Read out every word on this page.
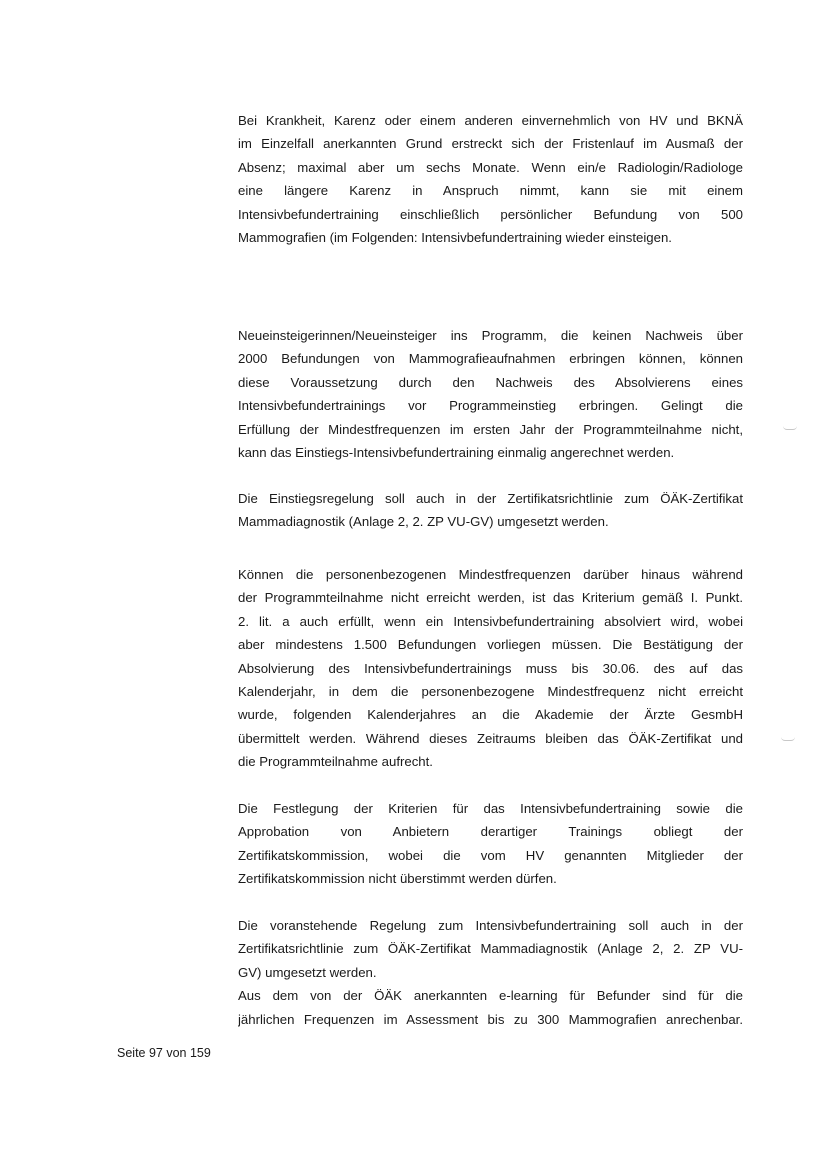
Bei Krankheit, Karenz oder einem anderen einvernehmlich von HV und BKNÄ
im Einzelfall anerkannten Grund erstreckt sich der Fristenlauf im Ausmaß der
Absenz; maximal aber um sechs Monate. Wenn ein/e Radiologin/Radiologe
eine längere Karenz in Anspruch nimmt, kann sie mit einem
Intensivbefundertraining einschließlich persönlicher Befundung von 500
Mammografien (im Folgenden: Intensivbefundertraining wieder einsteigen.
Neueinsteigerinnen/Neueinsteiger ins Programm, die keinen Nachweis über
2000 Befundungen von Mammografieaufnahmen erbringen können, können
diese Voraussetzung durch den Nachweis des Absolvierens eines
Intensivbefundertrainings vor Programmeinstieg erbringen. Gelingt die
Erfüllung der Mindestfrequenzen im ersten Jahr der Programmteilnahme nicht,
kann das Einstiegs-Intensivbefundertraining einmalig angerechnet werden.
Die Einstiegsregelung soll auch in der Zertifikatsrichtlinie zum ÖÄK-Zertifikat
Mammadiagnostik (Anlage 2, 2. ZP VU-GV) umgesetzt werden.
Können die personenbezogenen Mindestfrequenzen darüber hinaus während
der Programmteilnahme nicht erreicht werden, ist das Kriterium gemäß I. Punkt.
2. lit. a auch erfüllt, wenn ein Intensivbefundertraining absolviert wird, wobei
aber mindestens 1.500 Befundungen vorliegen müssen. Die Bestätigung der
Absolvierung des Intensivbefundertrainings muss bis 30.06. des auf das
Kalenderjahr, in dem die personenbezogene Mindestfrequenz nicht erreicht
wurde, folgenden Kalenderjahres an die Akademie der Ärzte GesmbH
übermittelt werden. Während dieses Zeitraums bleiben das ÖÄK-Zertifikat und
die Programmteilnahme aufrecht.
Die Festlegung der Kriterien für das Intensivbefundertraining sowie die
Approbation von Anbietern derartiger Trainings obliegt der
Zertifikatskommission, wobei die vom HV genannten Mitglieder der
Zertifikatskommission nicht überstimmt werden dürfen.
Die voranstehende Regelung zum Intensivbefundertraining soll auch in der
Zertifikatsrichtlinie zum ÖÄK-Zertifikat Mammadiagnostik (Anlage 2, 2. ZP VU-
GV) umgesetzt werden.
Aus dem von der ÖÄK anerkannten e-learning für Befunder sind für die
jährlichen Frequenzen im Assessment bis zu 300 Mammografien anrechenbar.
Seite 97 von 159
